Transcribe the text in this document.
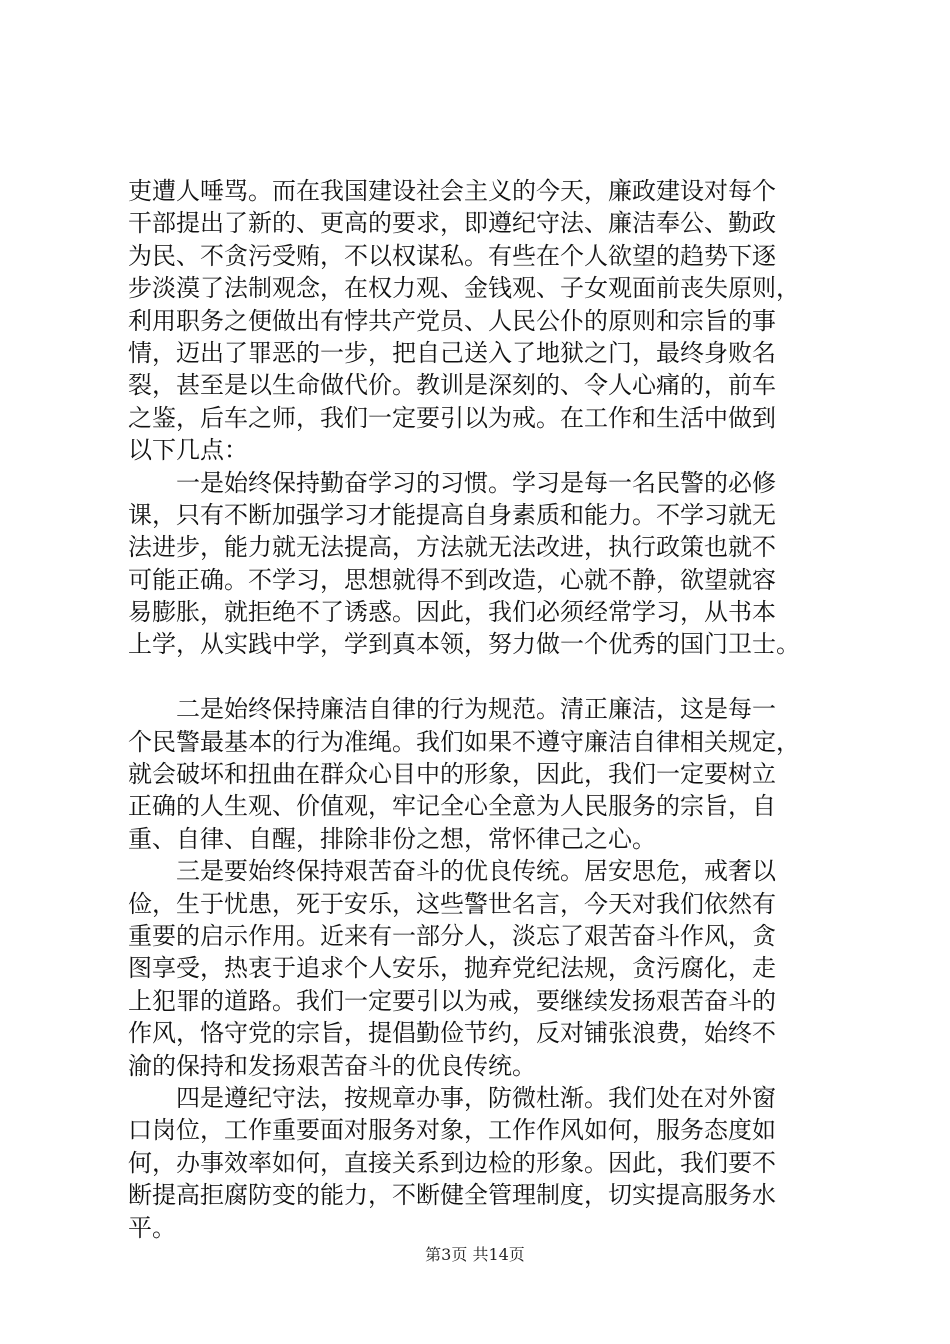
吏遭人唾骂。而在我国建设社会主义的今天，廉政建设对每个
干部提出了新的、更高的要求，即遵纪守法、廉洁奉公、勤政
为民、不贪污受贿，不以权谋私。有些在个人欲望的趋势下逐
步淡漠了法制观念，在权力观、金钱观、子女观面前丧失原则，
利用职务之便做出有悖共产党员、人民公仆的原则和宗旨的事
情，迈出了罪恶的一步，把自己送入了地狱之门，最终身败名
裂，甚至是以生命做代价。教训是深刻的、令人心痛的，前车
之鉴，后车之师，我们一定要引以为戒。在工作和生活中做到
以下几点：
一是始终保持勤奋学习的习惯。学习是每一名民警的必修
课，只有不断加强学习才能提高自身素质和能力。不学习就无
法进步，能力就无法提高，方法就无法改进，执行政策也就不
可能正确。不学习，思想就得不到改造，心就不静，欲望就容
易膨胀，就拒绝不了诱惑。因此，我们必须经常学习，从书本
上学，从实践中学，学到真本领，努力做一个优秀的国门卫士。
二是始终保持廉洁自律的行为规范。清正廉洁，这是每一
个民警最基本的行为准绳。我们如果不遵守廉洁自律相关规定，
就会破坏和扭曲在群众心目中的形象，因此，我们一定要树立
正确的人生观、价值观，牢记全心全意为人民服务的宗旨，自
重、自律、自醒，排除非份之想，常怀律己之心。
三是要始终保持艰苦奋斗的优良传统。居安思危，戒奢以
俭，生于忧患，死于安乐，这些警世名言，今天对我们依然有
重要的启示作用。近来有一部分人，淡忘了艰苦奋斗作风，贪
图享受，热衷于追求个人安乐，抛弃党纪法规，贪污腐化，走
上犯罪的道路。我们一定要引以为戒，要继续发扬艰苦奋斗的
作风，恪守党的宗旨，提倡勤俭节约，反对铺张浪费，始终不
渝的保持和发扬艰苦奋斗的优良传统。
四是遵纪守法，按规章办事，防微杜渐。我们处在对外窗
口岗位，工作重要面对服务对象，工作作风如何，服务态度如
何，办事效率如何，直接关系到边检的形象。因此，我们要不
断提高拒腐防变的能力，不断健全管理制度，切实提高服务水
平。
第3页 共14页
